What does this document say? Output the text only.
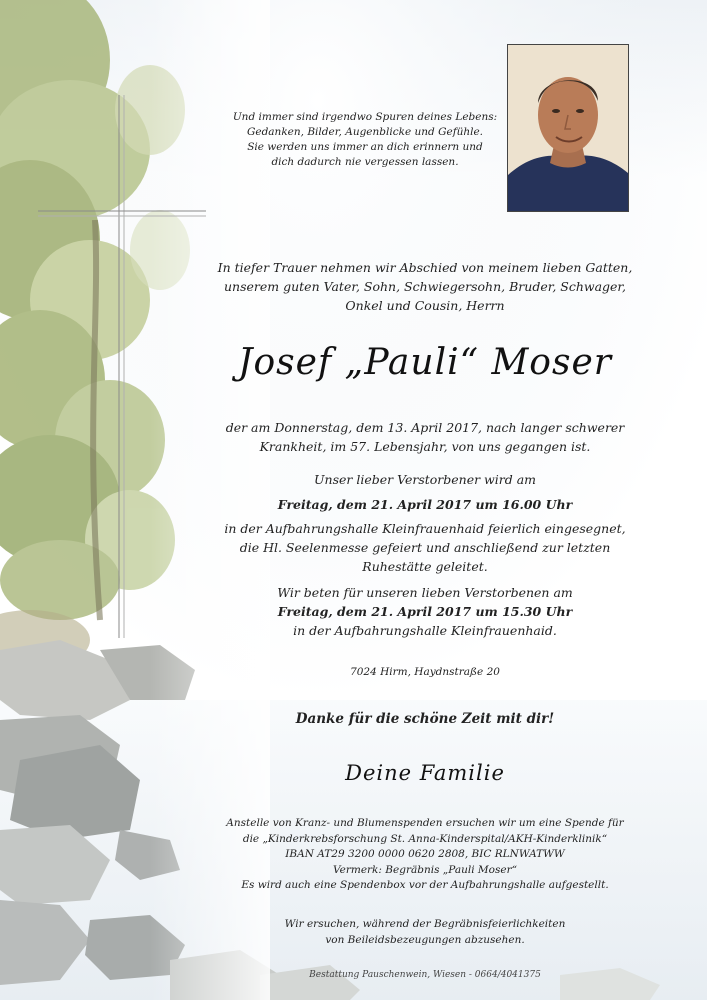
Und immer sind irgendwo Spuren deines Lebens:
Gedanken, Bilder, Augenblicke und Gefühle.
Sie werden uns immer an dich erinnern und
dich dadurch nie vergessen lassen.
In tiefer Trauer nehmen wir Abschied von meinem lieben Gatten,
unserem guten Vater, Sohn, Schwiegersohn, Bruder, Schwager,
Onkel und Cousin, Herrn
Josef „Pauli“ Moser
der am Donnerstag, dem 13. April 2017, nach langer schwerer
Krankheit, im 57. Lebensjahr, von uns gegangen ist.
Unser lieber Verstorbener wird am
Freitag, dem 21. April 2017 um 16.00 Uhr
in der Aufbahrungshalle Kleinfrauenhaid feierlich eingesegnet,
die Hl. Seelenmesse gefeiert und anschließend zur letzten
Ruhestätte geleitet.
Wir beten für unseren lieben Verstorbenen am
Freitag, dem 21. April 2017 um 15.30 Uhr
in der Aufbahrungshalle Kleinfrauenhaid.
7024 Hirm, Haydnstraße 20
Danke für die schöne Zeit mit dir!
Deine Familie
Anstelle von Kranz- und Blumenspenden ersuchen wir um eine Spende für
die „Kinderkrebsforschung St. Anna-Kinderspital/AKH-Kinderklinik“
IBAN AT29 3200 0000 0620 2808, BIC RLNWATWW
Vermerk: Begräbnis „Pauli Moser“
Es wird auch eine Spendenbox vor der Aufbahrungshalle aufgestellt.
Wir ersuchen, während der Begräbnisfeierlichkeiten
von Beileidsbezeugungen abzusehen.
Bestattung Pauschenwein, Wiesen - 0664/4041375
